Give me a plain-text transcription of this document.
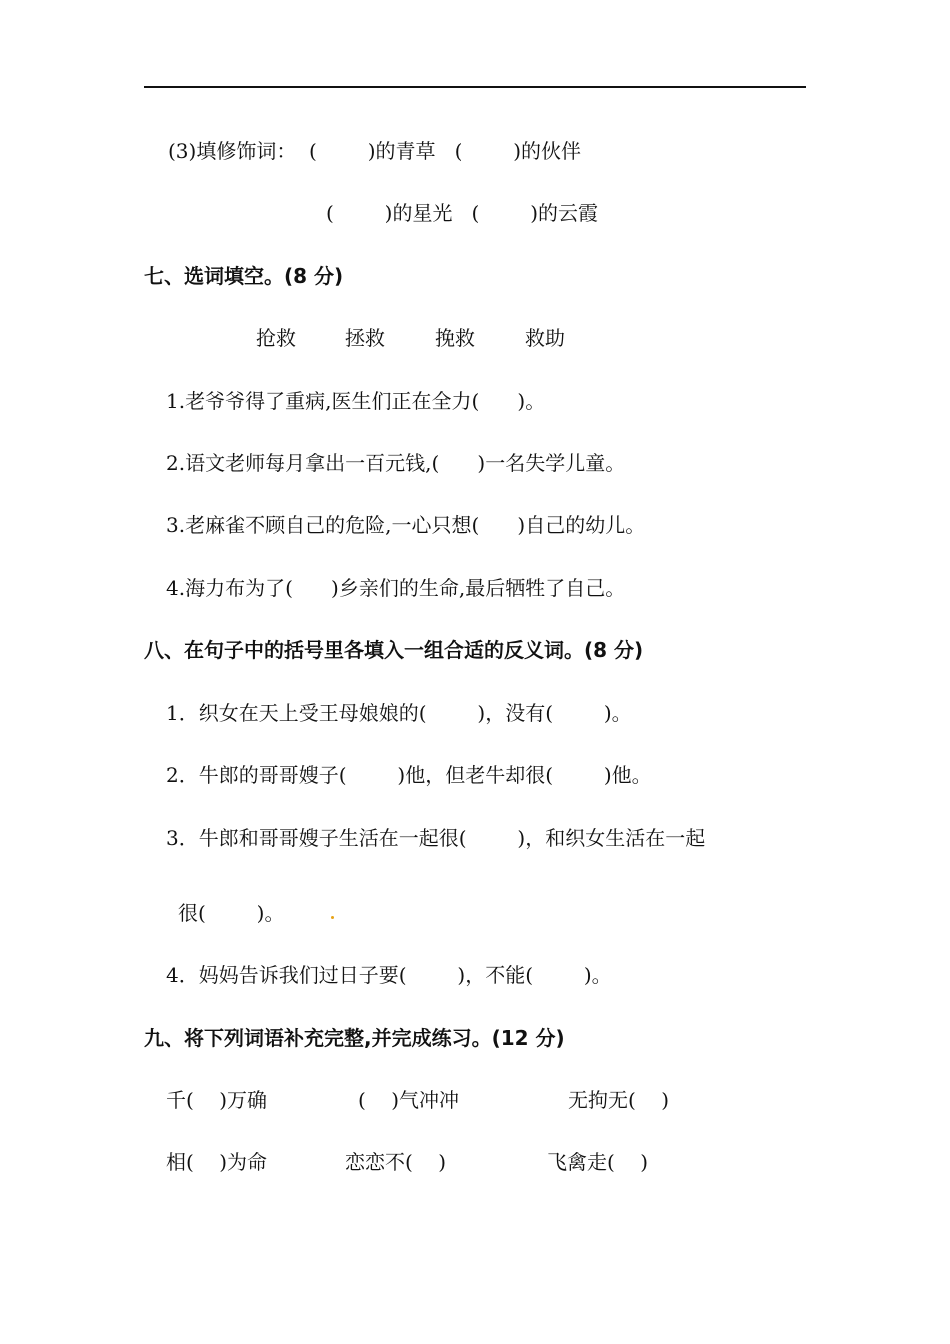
(3)填修饰词：  (        )的青草   (        )的伙伴
(        )的星光   (        )的云霞
七、选词填空。(8 分)
抢救 拯救	挽救	救助
1.老爷爷得了重病,医生们正在全力(      )。
2.语文老师每月拿出一百元钱,(      )一名失学儿童。
3.老麻雀不顾自己的危险,一心只想(      )自己的幼儿。
4.海力布为了(      )乡亲们的生命,最后牺牲了自己。
八、在句子中的括号里各填入一组合适的反义词。(8 分)
1．织女在天上受王母娘娘的(        )，没有(        )。
2．牛郎的哥哥嫂子(        )他，但老牛却很(        )他。
3．牛郎和哥哥嫂子生活在一起很(        )，和织女生活在一起
很(        )。
4．妈妈告诉我们过日子要(        )，不能(        )。
九、将下列词语补充完整,并完成练习。(12 分)
千(    )万确	(    )气冲冲	无拘无(    )
相(    )为命	恋恋不(    )	飞禽走(    )
